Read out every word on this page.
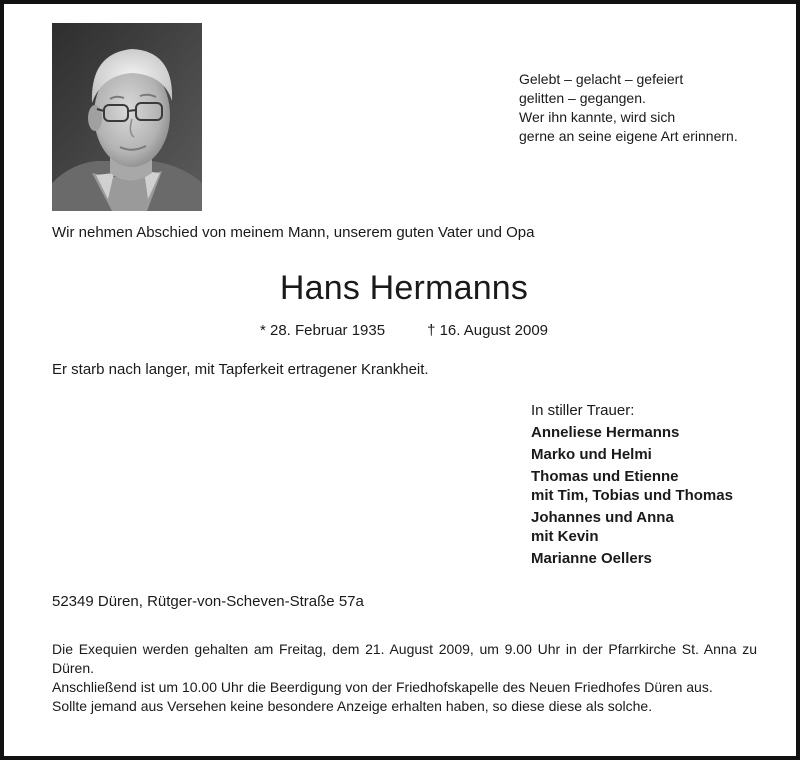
Gelebt – gelacht – gefeiert
gelitten – gegangen.
Wer ihn kannte, wird sich
gerne an seine eigene Art erinnern.
Wir nehmen Abschied von meinem Mann, unserem guten Vater und Opa
Hans Hermanns
* 28. Februar 1935	† 16. August 2009
Er starb nach langer, mit Tapferkeit ertragener Krankheit.
In stiller Trauer:
Anneliese Hermanns
Marko und Helmi
Thomas und Etienne
mit Tim, Tobias und Thomas
Johannes und Anna
mit Kevin
Marianne Oellers
52349 Düren, Rütger-von-Scheven-Straße 57a

Die Exequien werden gehalten am Freitag, dem 21. August 2009, um 9.00 Uhr in der Pfarrkirche St. Anna zu Düren.

Anschließend ist um 10.00 Uhr die Beerdigung von der Friedhofskapelle des Neuen Friedhofes Düren aus.

Sollte jemand aus Versehen keine besondere Anzeige erhalten haben, so diese diese als solche.
